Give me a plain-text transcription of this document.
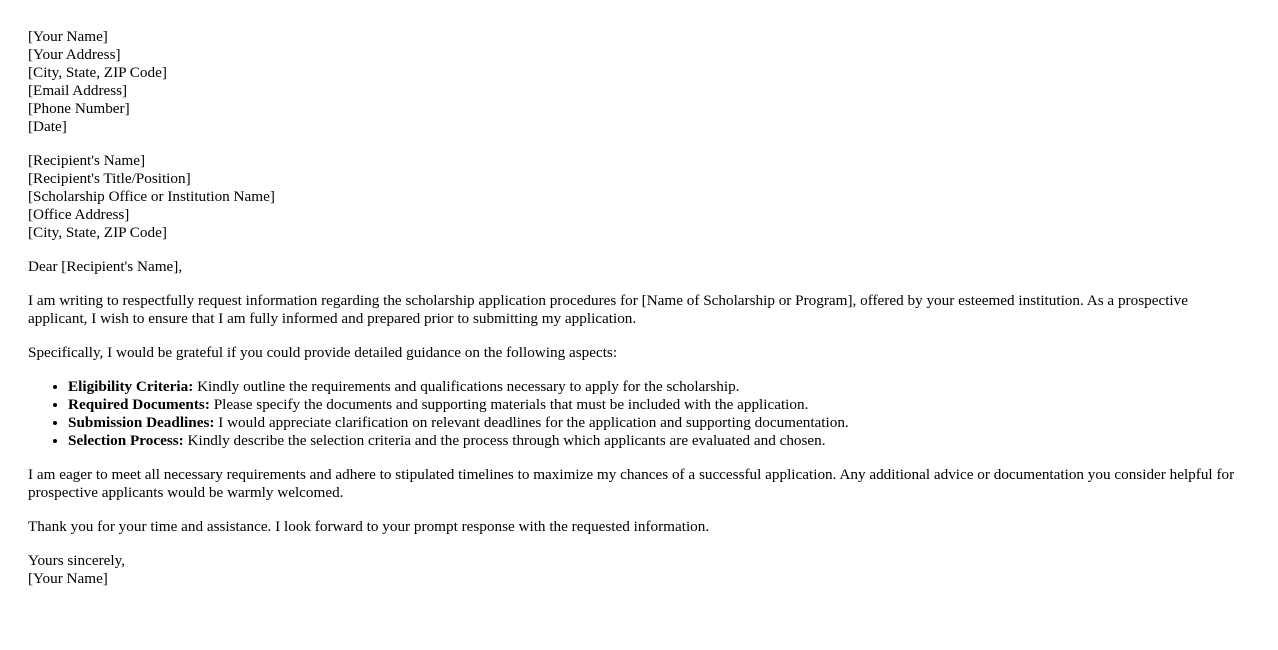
[Your Name]
[Your Address]
[City, State, ZIP Code]
[Email Address]
[Phone Number]
[Date]
[Recipient's Name]
[Recipient's Title/Position]
[Scholarship Office or Institution Name]
[Office Address]
[City, State, ZIP Code]

Dear [Recipient's Name],

I am writing to respectfully request information regarding the scholarship application procedures for [Name of Scholarship or Program], offered by your esteemed institution. As a prospective applicant, I wish to ensure that I am fully informed and prepared prior to submitting my application.

Specifically, I would be grateful if you could provide detailed guidance on the following aspects:

• Eligibility Criteria: Kindly outline the requirements and qualifications necessary to apply for the scholarship.
• Required Documents: Please specify the documents and supporting materials that must be included with the application.
• Submission Deadlines: I would appreciate clarification on relevant deadlines for the application and supporting documentation.
• Selection Process: Kindly describe the selection criteria and the process through which applicants are evaluated and chosen.

I am eager to meet all necessary requirements and adhere to stipulated timelines to maximize my chances of a successful application. Any additional advice or documentation you consider helpful for prospective applicants would be warmly welcomed.

Thank you for your time and assistance. I look forward to your prompt response with the requested information.

Yours sincerely,
[Your Name]
